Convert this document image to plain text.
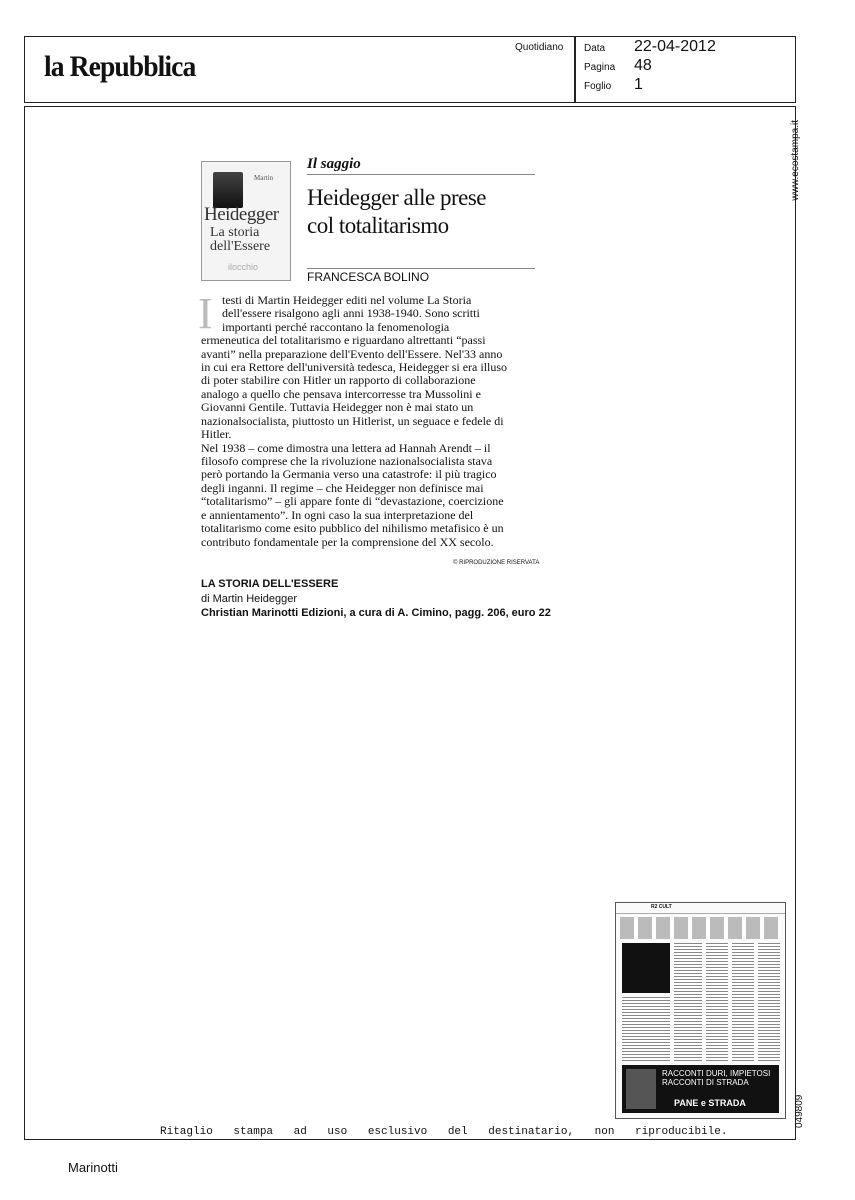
la Repubblica
Quotidiano Data 22-04-2012
Pagina 48
Foglio 1
www.ecostampa.it
049809
Martin
Heidegger
La storia
dell'Essere
ilocchio
Il saggio
Heidegger alle prese
col totalitarismo
FRANCESCA BOLINO
I testi di Martin Heidegger editi nel volume La Storia
dell'essere risalgono agli anni 1938-1940. Sono scritti
importanti perché raccontano la fenomenologia
ermeneutica del totalitarismo e riguardano altrettanti “passi
avanti” nella preparazione dell'Evento dell'Essere. Nel'33 anno
in cui era Rettore dell'università tedesca, Heidegger si era illuso
di poter stabilire con Hitler un rapporto di collaborazione
analogo a quello che pensava intercorresse tra Mussolini e
Giovanni Gentile. Tuttavia Heidegger non è mai stato un
nazionalsocialista, piuttosto un Hitlerist, un seguace e fedele di
Hitler.
Nel 1938 – come dimostra una lettera ad Hannah Arendt – il
filosofo comprese che la rivoluzione nazionalsocialista stava
però portando la Germania verso una catastrofe: il più tragico
degli inganni. Il regime – che Heidegger non definisce mai
“totalitarismo” – gli appare fonte di “devastazione, coercizione
e annientamento”. In ogni caso la sua interpretazione del
totalitarismo come esito pubblico del nihilismo metafisico è un
contributo fondamentale per la comprensione del XX secolo.
© RIPRODUZIONE RISERVATA
LA STORIA DELL'ESSERE
di Martin Heidegger
Christian Marinotti Edizioni, a cura di A. Cimino, pagg. 206, euro 22
R2 CULT
RACCONTI DURI, IMPIETOSI
RACCONTI DI STRADA
PANE e STRADA
Ritaglio stampa ad uso esclusivo del destinatario, non riproducibile.
Marinotti
